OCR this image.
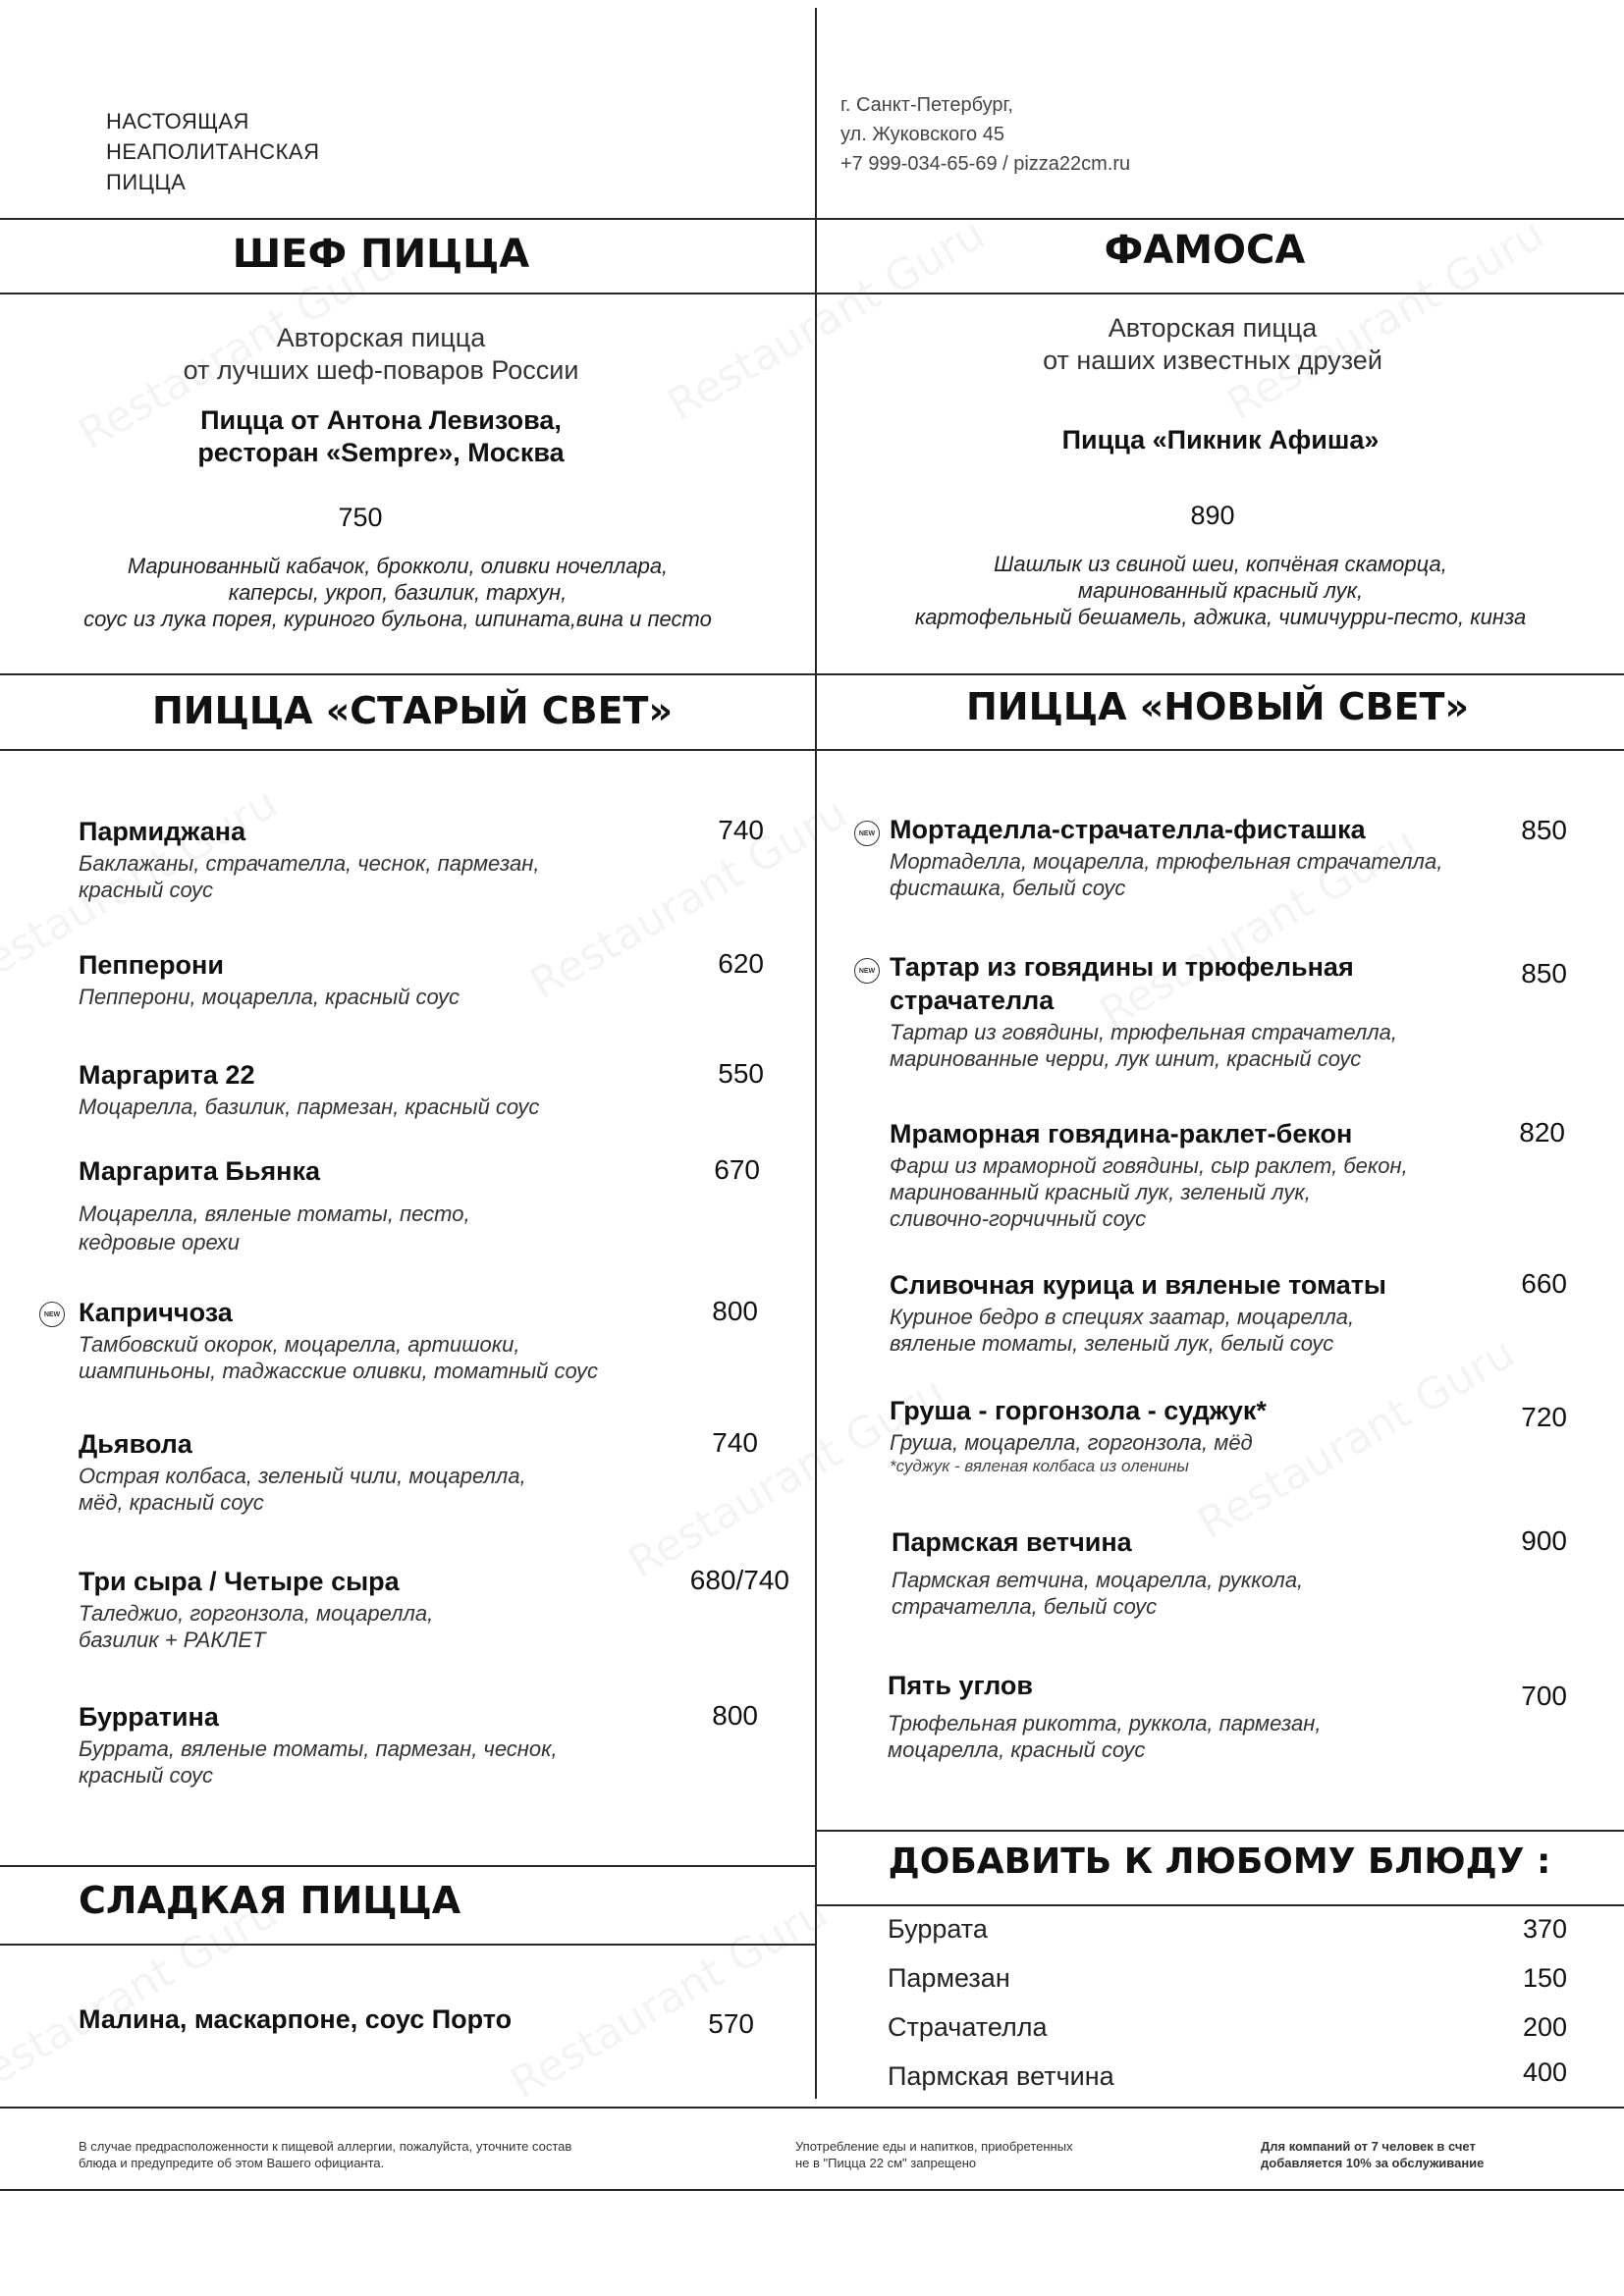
НАСТОЯЩАЯ
НЕАПОЛИТАНСКАЯ
ПИЦЦА
г. Санкт-Петербург,
ул. Жуковского 45
+7 999-034-65-69 / pizza22cm.ru
ШЕФ ПИЦЦА
Авторская пицца
от лучших шеф-поваров России
Пицца от Антона Левизова,
ресторан «Sempre», Москва
750
Маринованный кабачок, брокколи, оливки ночеллара,
каперсы, укроп, базилик, тархун,
соус из лука порея, куриного бульона, шпината,вина и песто
ФАМОСА
Авторская пицца
от наших известных друзей
Пицца «Пикник Афиша»
890
Шашлык из свиной шеи, копчёная скаморца,
маринованный красный лук,
картофельный бешамель, аджика, чимичурри-песто, кинза
ПИЦЦА «СТАРЫЙ СВЕТ»	ПИЦЦА «НОВЫЙ СВЕТ»
Пармиджана
Баклажаны, страчателла, чеснок, пармезан,
красный соус
740
Пепперони
Пепперони, моцарелла, красный соус
620
Маргарита 22
Моцарелла, базилик, пармезан, красный соус
550
Маргарита Бьянка
Моцарелла, вяленые томаты, песто,
кедровые орехи
670
NEW Каприччоза
Тамбовский окорок, моцарелла, артишоки,
шампиньоны, таджасские оливки, томатный соус
800
Дьявола
Острая колбаса, зеленый чили, моцарелла,
мёд, красный соус
740
Три сыра / Четыре сыра
Таледжио, горгонзола, моцарелла,
базилик + РАКЛЕТ
680/740
Бурратина
Буррата, вяленые томаты, пармезан, чеснок,
красный соус
800
NEW Мортаделла-страчателла-фисташка
Мортаделла, моцарелла, трюфельная страчателла,
фисташка, белый соус
850
NEW Тартар из говядины и трюфельная
страчателла
Тартар из говядины, трюфельная страчателла,
маринованные черри, лук шнит, красный соус
850
Мраморная говядина-раклет-бекон
Фарш из мраморной говядины, сыр раклет, бекон,
маринованный красный лук, зеленый лук,
сливочно-горчичный соус
820
Сливочная курица и вяленые томаты
Куриное бедро в специях заатар, моцарелла,
вяленые томаты, зеленый лук, белый соус
660
Груша - горгонзола - суджук*
Груша, моцарелла, горгонзола, мёд
*суджук - вяленая колбаса из оленины
720
Пармская ветчина
Пармская ветчина, моцарелла, руккола,
страчателла, белый соус
900
Пять углов
Трюфельная рикотта, руккола, пармезан,
моцарелла, красный соус
700
СЛАДКАЯ ПИЦЦА
Малина, маскарпоне, соус Порто	570
ДОБАВИТЬ К ЛЮБОМУ БЛЮДУ :
Буррата	370
Пармезан	150
Страчателла	200
Пармская ветчина	400
В случае предрасположенности к пищевой аллергии, пожалуйста, уточните состав
блюда и предупредите об этом Вашего официанта.
Употребление еды и напитков, приобретенных
не в "Пицца 22 см" запрещено
Для компаний от 7 человек в счет
добавляется 10% за обслуживание
